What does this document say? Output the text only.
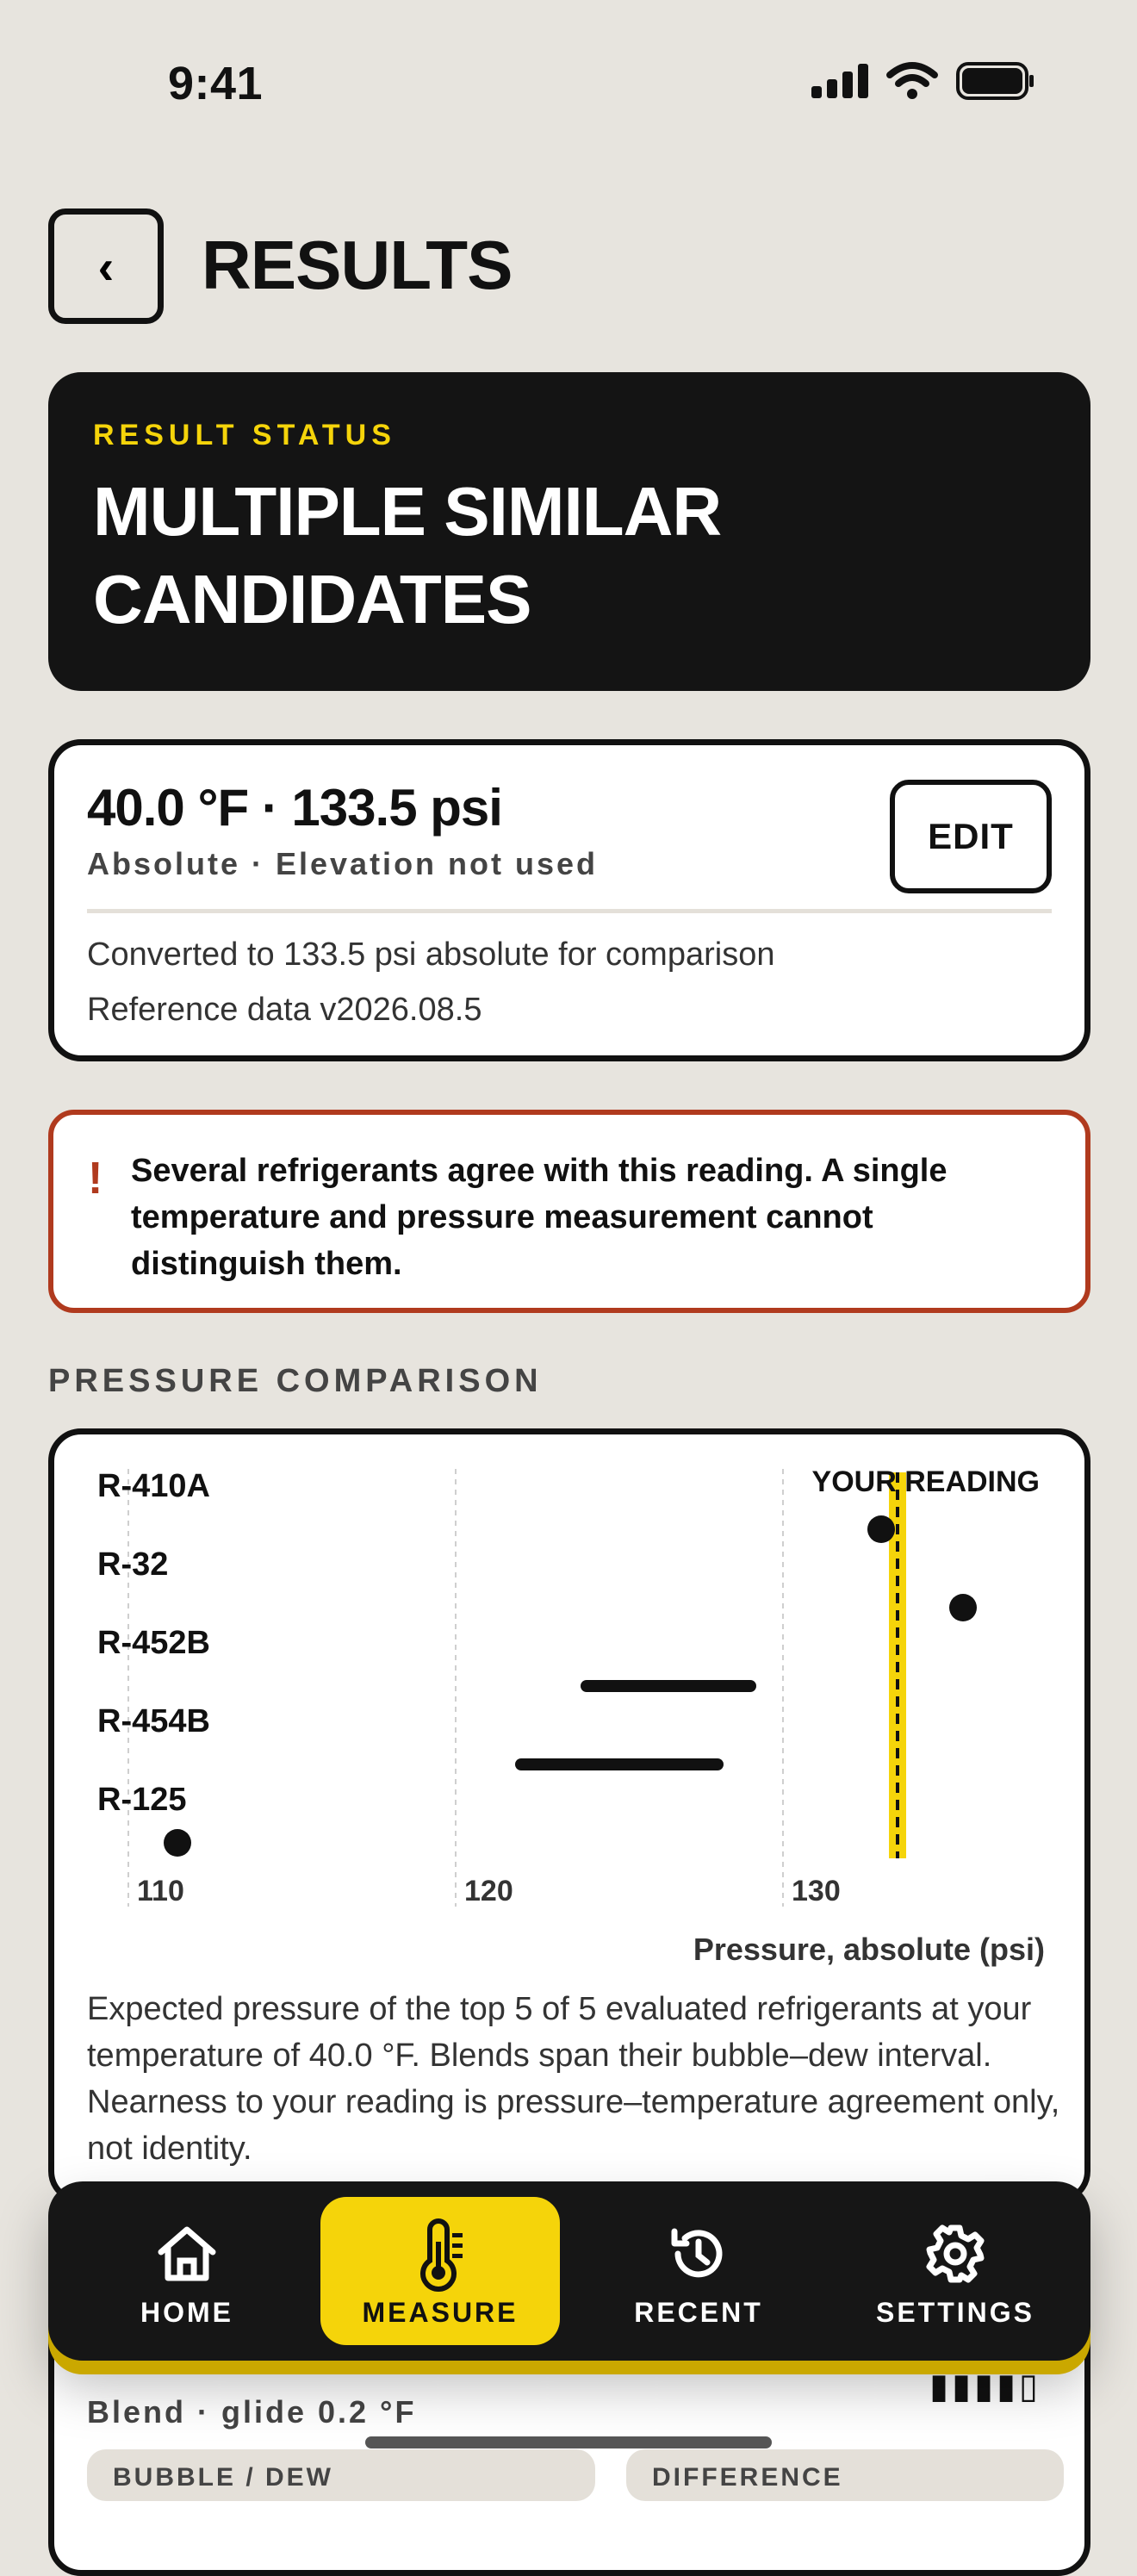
9:41
‹ RESULTS
RESULT STATUS
MULTIPLE SIMILAR
CANDIDATES
40.0 °F · 133.5 psi
Absolute · Elevation not used
EDIT
Converted to 133.5 psi absolute for comparison
Reference data v2026.08.5
! Several refrigerants agree with this reading. A single temperature and pressure measurement cannot distinguish them.
PRESSURE COMPARISON
▮▮▮▮▯
Blend · glide 0.2 °F
BUBBLE / DEW	DIFFERENCE
110	120	130
YOUR READING
R-410A
R-32
R-452B
R-454B
R-125
Pressure, absolute (psi)
Expected pressure of the top 5 of 5 evaluated refrigerants at your temperature of 40.0 °F. Blends span their bubble–dew interval. Nearness to your reading is pressure–temperature agreement only, not identity.
HOME	MEASURE	RECENT	SETTINGS
